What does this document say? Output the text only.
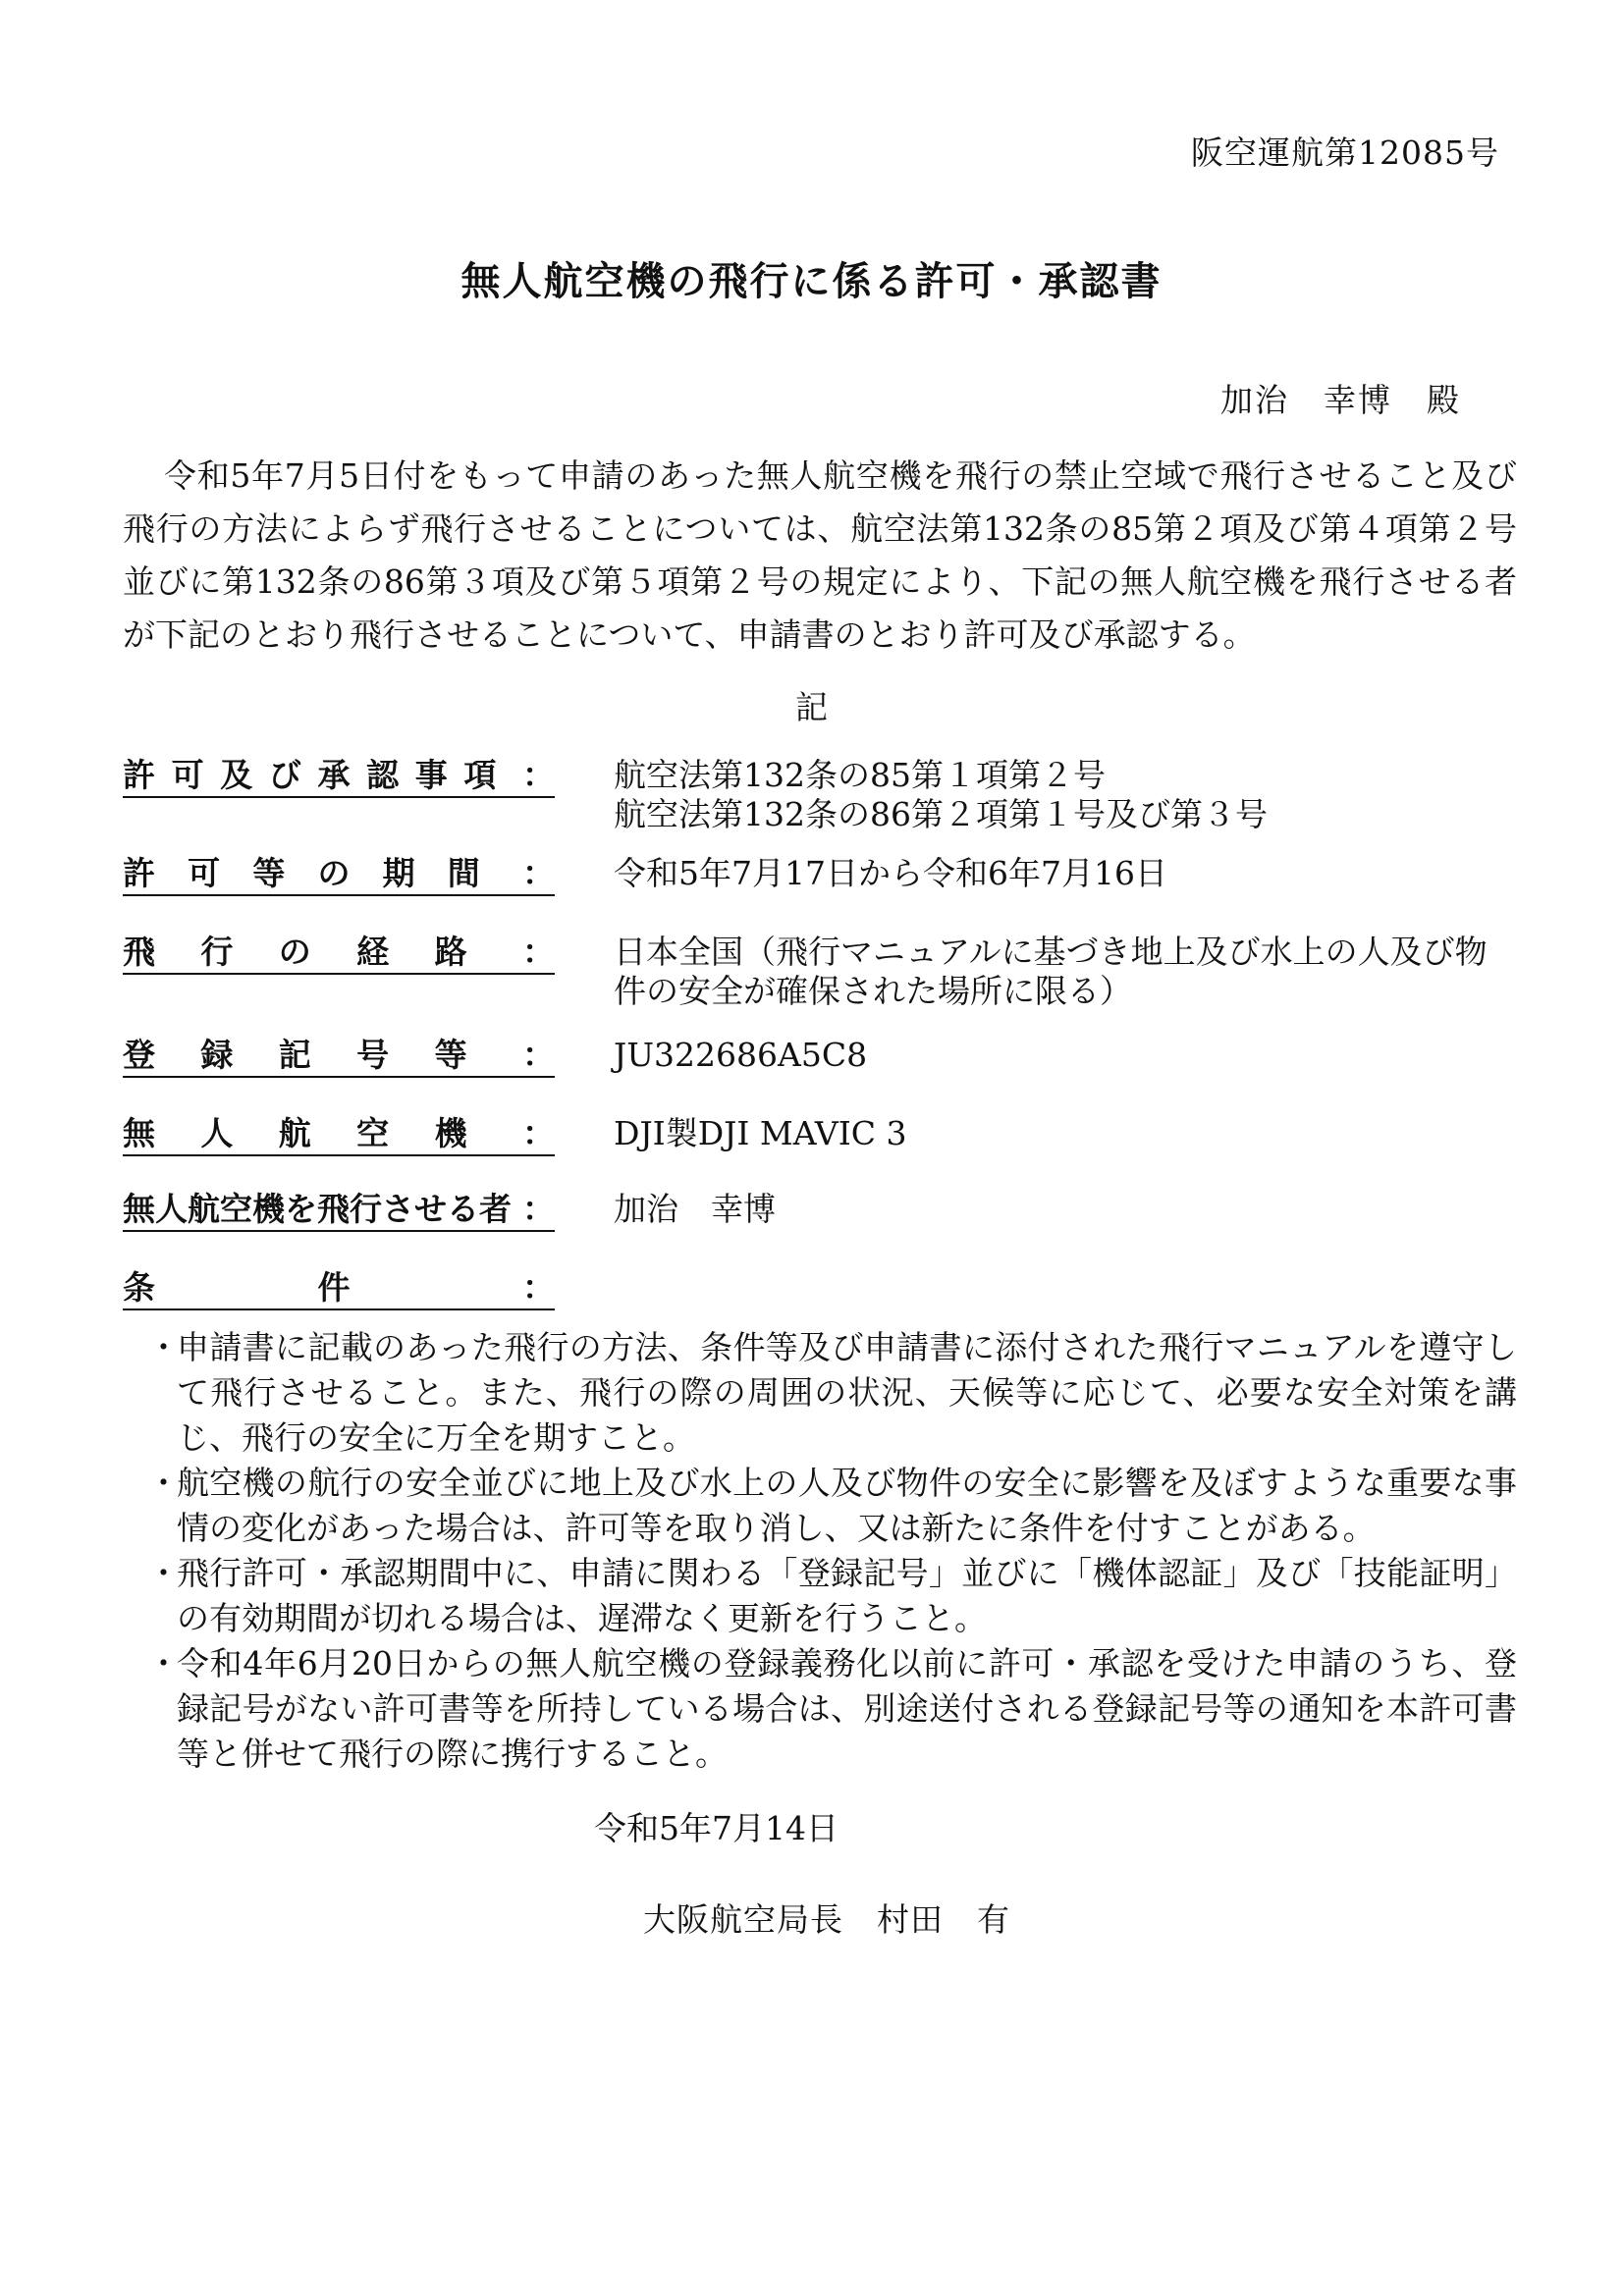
阪空運航第12085号
無人航空機の飛行に係る許可・承認書
加治　幸博　 殿
令和5年7月5日付をもって申請のあった無人航空機を飛行の禁止空域で飛行させること及び飛行の方法によらず飛行させることについては、航空法第132条の85第２項及び第４項第２号並びに第132条の86第３項及び第５項第２号の規定により、下記の無人航空機を飛行させる者が下記のとおり飛行させることについて、申請書のとおり許可及び承認する。
記
許 可 及 び 承 認 事 項 ： 航空法第132条の85第１項第２号
航空法第132条の86第２項第１号及び第３号
許 可 等 の 期 間 ： 令和5年7月17日から令和6年7月16日
飛 行 の 経 路 ： 日本全国（飛行マニュアルに基づき地上及び水上の人及び物
件の安全が確保された場所に限る）
登 録 記 号 等 ： JU322686A5C8
無 人 航 空 機 ： DJI製DJI MAVIC 3
無人航空機を飛行させる者 ： 加治　幸博
条	件	：
・
申請書に記載のあった飛行の方法、条件等及び申請書に添付された飛行マニュアルを遵守して飛行させること。また、飛行の際の周囲の状況、天候等に応じて、必要な安全対策を講じ、飛行の安全に万全を期すこと。
・
航空機の航行の安全並びに地上及び水上の人及び物件の安全に影響を及ぼすような重要な事情の変化があった場合は、許可等を取り消し、又は新たに条件を付すことがある。
・
飛行許可・承認期間中に、申請に関わる「登録記号」並びに「機体認証」及び「技能証明」の有効期間が切れる場合は、遅滞なく更新を行うこと。
・
令和4年6月20日からの無人航空機の登録義務化以前に許可・承認を受けた申請のうち、登録記号がない許可書等を所持している場合は、別途送付される登録記号等の通知を本許可書等と併せて飛行の際に携行すること。
令和5年7月14日
大阪航空局長　村田　有
